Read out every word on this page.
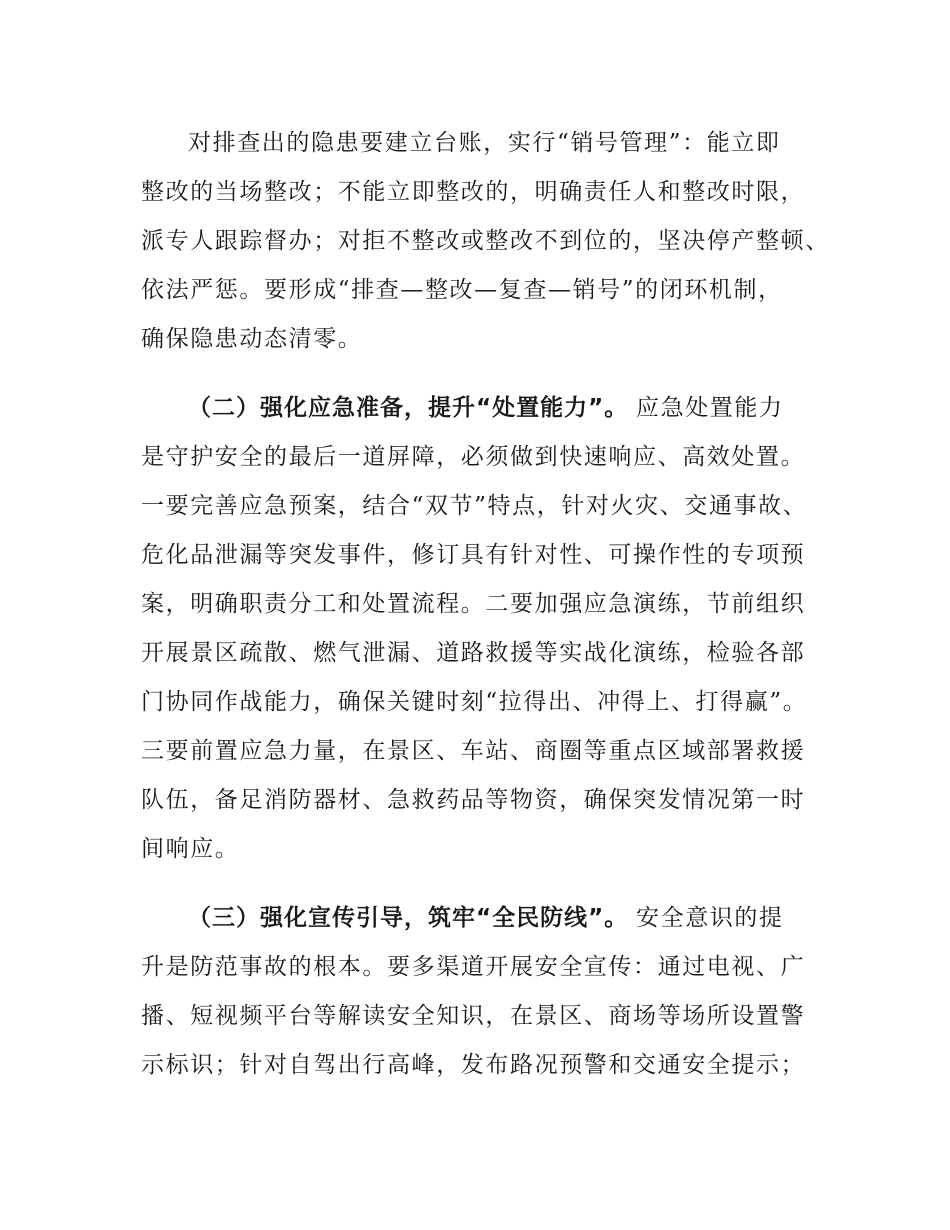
对排查出的隐患要建立台账，实行“销号管理”：能立即
整改的当场整改；不能立即整改的，明确责任人和整改时限，
派专人跟踪督办；对拒不整改或整改不到位的，坚决停产整顿、
依法严惩。要形成“排查—整改—复查—销号”的闭环机制，
确保隐患动态清零。
（二）强化应急准备，提升“处置能力”。 应急处置能力
是守护安全的最后一道屏障，必须做到快速响应、高效处置。
一要完善应急预案，结合“双节”特点，针对火灾、交通事故、
危化品泄漏等突发事件，修订具有针对性、可操作性的专项预
案，明确职责分工和处置流程。二要加强应急演练，节前组织
开展景区疏散、燃气泄漏、道路救援等实战化演练，检验各部
门协同作战能力，确保关键时刻“拉得出、冲得上、打得赢”。
三要前置应急力量，在景区、车站、商圈等重点区域部署救援
队伍，备足消防器材、急救药品等物资，确保突发情况第一时
间响应。
（三）强化宣传引导，筑牢“全民防线”。 安全意识的提
升是防范事故的根本。要多渠道开展安全宣传：通过电视、广
播、短视频平台等解读安全知识，在景区、商场等场所设置警
示标识；针对自驾出行高峰，发布路况预警和交通安全提示；
